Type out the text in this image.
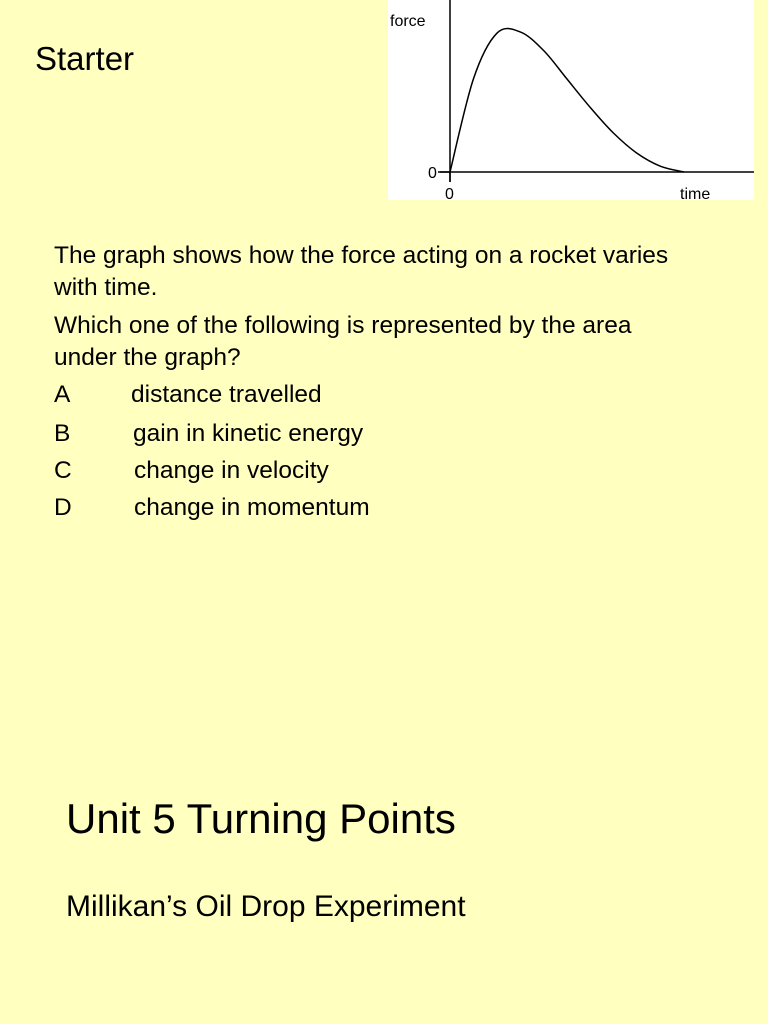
Starter
force
0
0	time
The graph shows how the force acting on a rocket varies
with time.
Which one of the following is represented by the area
under the graph?
A distance travelled
B	gain in kinetic energy
C	change in velocity
D	change in momentum
Unit 5 Turning Points
Millikan’s Oil Drop Experiment
